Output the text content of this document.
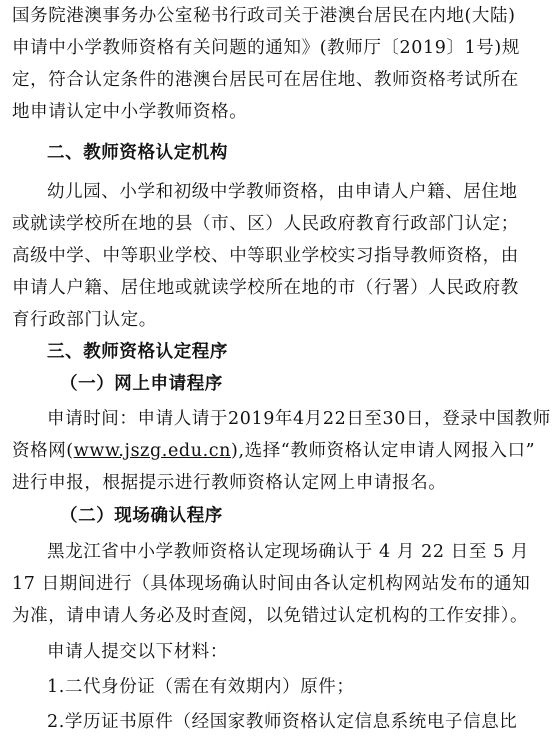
国务院港澳事务办公室秘书行政司关于港澳台居民在内地(大陆)
申请中小学教师资格有关问题的通知》(教师厅〔2019〕1号)规
定，符合认定条件的港澳台居民可在居住地、教师资格考试所在
地申请认定中小学教师资格。
二、教师资格认定机构
幼儿园、小学和初级中学教师资格，由申请人户籍、居住地
或就读学校所在地的县（市、区）人民政府教育行政部门认定；
高级中学、中等职业学校、中等职业学校实习指导教师资格，由
申请人户籍、居住地或就读学校所在地的市（行署）人民政府教
育行政部门认定。
三、教师资格认定程序
（一）网上申请程序
申请时间：申请人请于2019年4月22日至30日，登录中国教师
资格网(www.jszg.edu.cn),选择“教师资格认定申请人网报入口”
进行申报，根据提示进行教师资格认定网上申请报名。
（二）现场确认程序
黑龙江省中小学教师资格认定现场确认于 4 月 22 日至 5 月
17 日期间进行（具体现场确认时间由各认定机构网站发布的通知
为准，请申请人务必及时查阅，以免错过认定机构的工作安排）。
申请人提交以下材料：
1.二代身份证（需在有效期内）原件；
2.学历证书原件（经国家教师资格认定信息系统电子信息比
